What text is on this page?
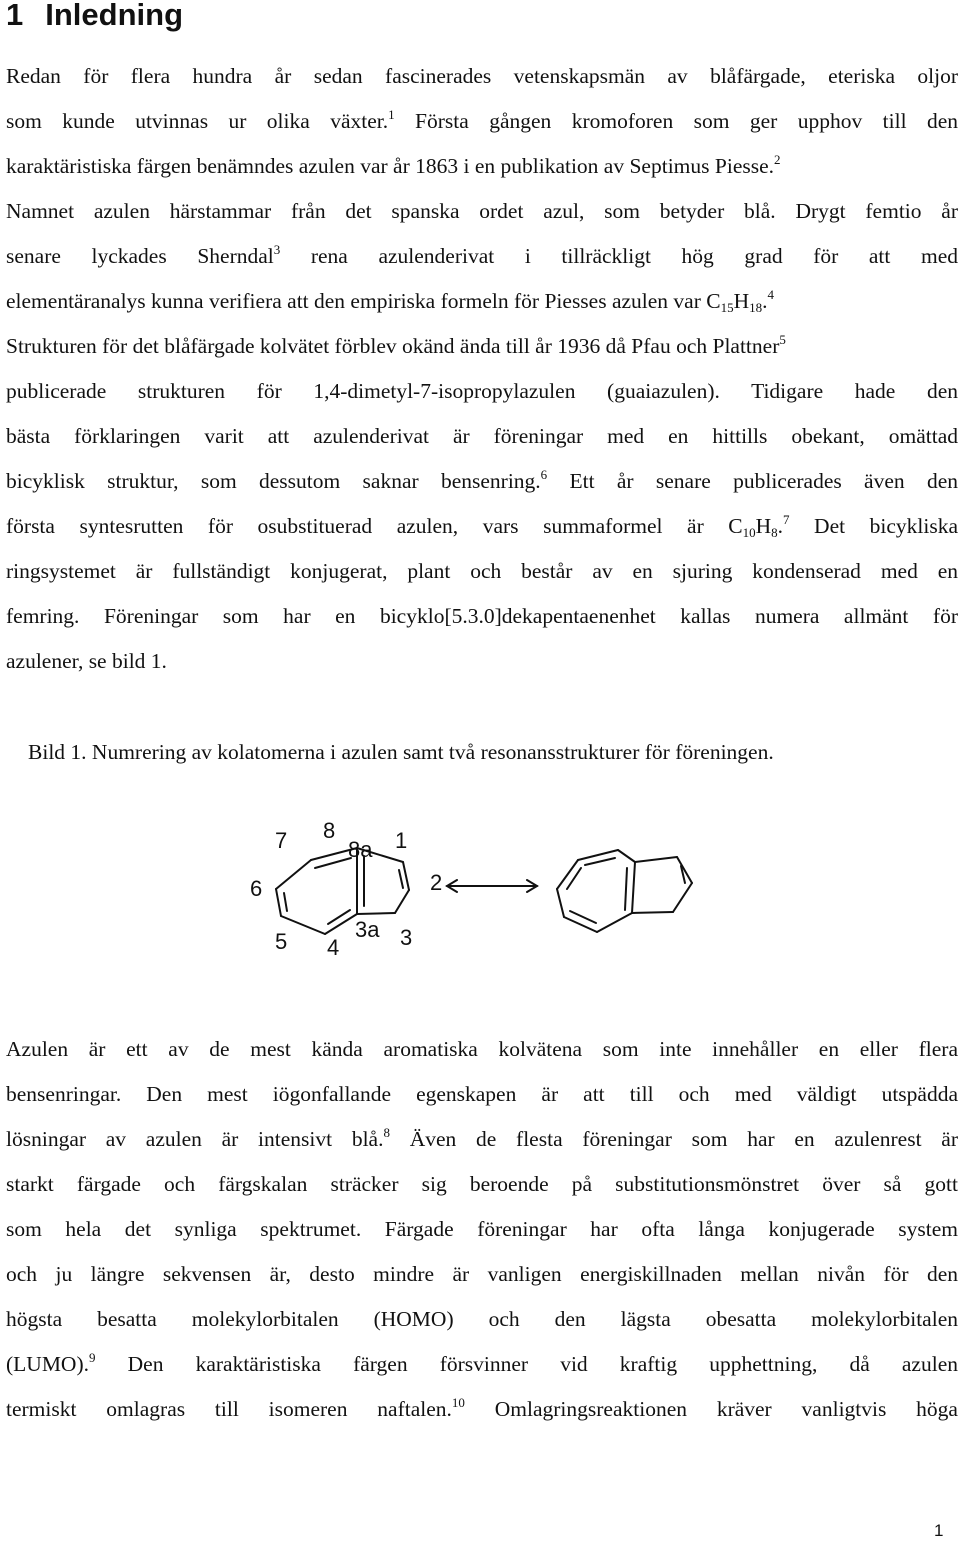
1 Inledning
Redan för flera hundra år sedan fascinerades vetenskapsmän av blåfärgade, eteriska oljor
som kunde utvinnas ur olika växter.$^1$ Första gången kromoforen som ger upphov till den
karaktäristiska färgen benämndes azulen var år 1863 i en publikation av Septimus Piesse.$^2$
Namnet azulen härstammar från det spanska ordet azul, som betyder blå. Drygt femtio år
senare lyckades Sherndal$^3$ rena azulenderivat i tillräckligt hög grad för att med
elementäranalys kunna verifiera att den empiriska formeln för Piesses azulen var $C_{15}H_{18}.^4$
Strukturen för det blåfärgade kolvätet förblev okänd ända till år 1936 då Pfau och Plattner$^5$
publicerade strukturen för 1,4-dimetyl-7-isopropylazulen (guaiazulen). Tidigare hade den
bästa förklaringen varit att azulenderivat är föreningar med en hittills obekant, omättad
bicyklisk struktur, som dessutom saknar bensenring.$^6$ Ett år senare publicerades även den
första syntesrutten för osubstituerad azulen, vars summaformel är $C_{10}H_8.^7$ Det bicykliska
ringsystemet är fullständigt konjugerat, plant och består av en sjuring kondenserad med en
femring. Föreningar som har en bicyklo[5.3.0]dekapentaenenhet kallas numera allmänt för
azulener, se bild 1.

Bild 1. Numrering av kolatomerna i azulen samt två resonansstrukturer för föreningen.

7 8
8a 1
6	2
5 4
3a 3
Azulen är ett av de mest kända aromatiska kolvätena som inte innehåller en eller flera
bensenringar. Den mest iögonfallande egenskapen är att till och med väldigt utspädda
lösningar av azulen är intensivt blå.$^8$ Även de flesta föreningar som har en azulenrest är
starkt färgade och färgskalan sträcker sig beroende på substitutionsmönstret över så gott
som hela det synliga spektrumet. Färgade föreningar har ofta långa konjugerade system
och ju längre sekvensen är, desto mindre är vanligen energiskillnaden mellan nivån för den
högsta besatta molekylorbitalen (HOMO) och den lägsta obesatta molekylorbitalen
(LUMO).$^9$ Den karaktäristiska färgen försvinner vid kraftig upphettning, då azulen
termiskt omlagras till isomeren naftalen.$^{10}$ Omlagringsreaktionen kräver vanligtvis höga
1
